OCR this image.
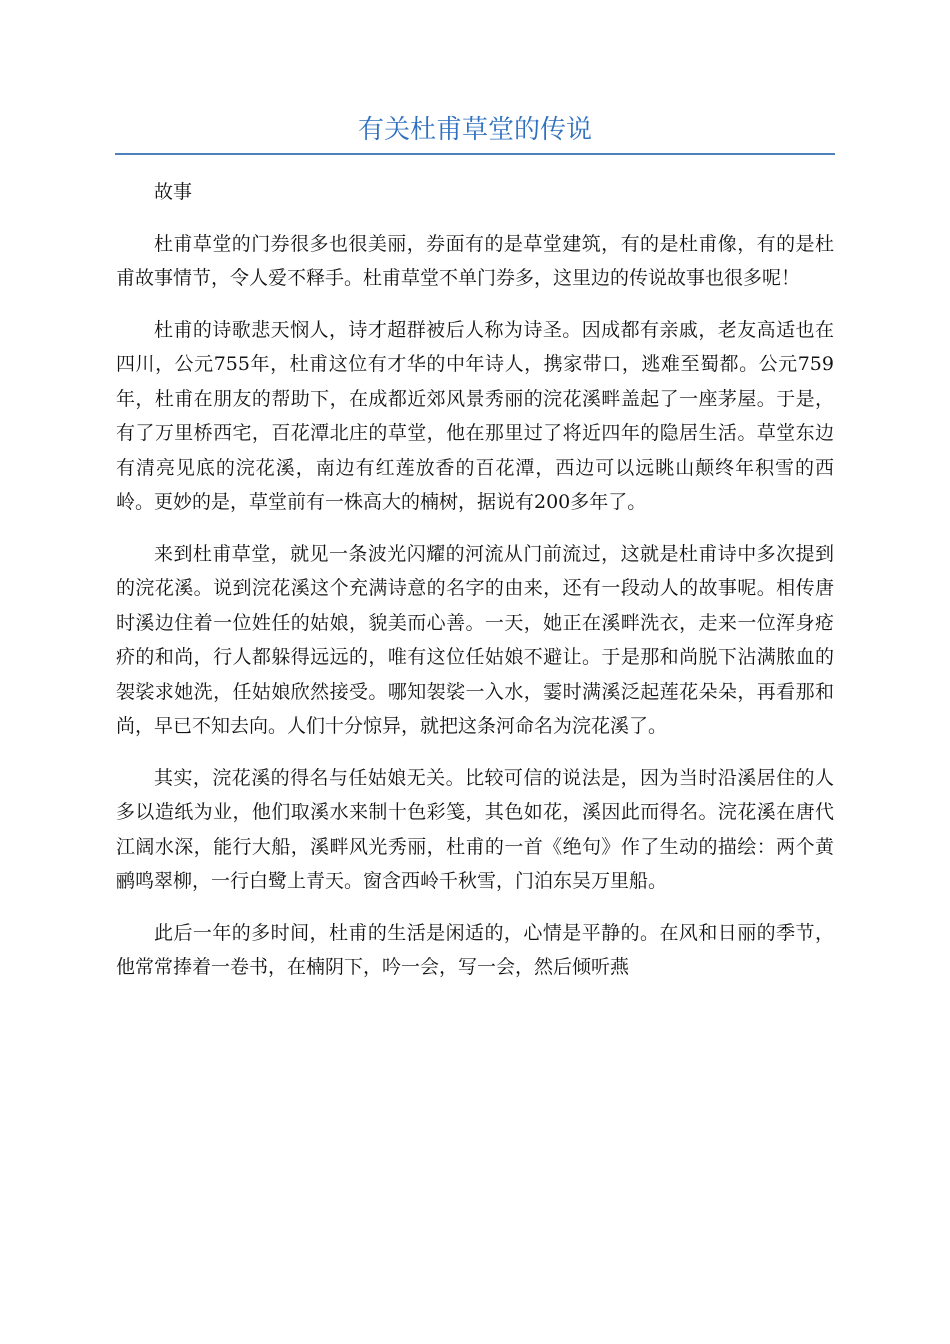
有关杜甫草堂的传说

故事

杜甫草堂的门券很多也很美丽，券面有的是草堂建筑，有的是杜甫像，有的是杜甫故事情节，令人爱不释手。杜甫草堂不单门券多，这里边的传说故事也很多呢！

杜甫的诗歌悲天悯人，诗才超群被后人称为诗圣。因成都有亲戚，老友高适也在四川，公元755年，杜甫这位有才华的中年诗人，携家带口，逃难至蜀都。公元759年，杜甫在朋友的帮助下，在成都近郊风景秀丽的浣花溪畔盖起了一座茅屋。于是，有了万里桥西宅，百花潭北庄的草堂，他在那里过了将近四年的隐居生活。草堂东边有清亮见底的浣花溪，南边有红莲放香的百花潭，西边可以远眺山颠终年积雪的西岭。更妙的是，草堂前有一株高大的楠树，据说有200多年了。

来到杜甫草堂，就见一条波光闪耀的河流从门前流过，这就是杜甫诗中多次提到的浣花溪。说到浣花溪这个充满诗意的名字的由来，还有一段动人的故事呢。相传唐时溪边住着一位姓任的姑娘，貌美而心善。一天，她正在溪畔洗衣，走来一位浑身疮疥的和尚，行人都躲得远远的，唯有这位任姑娘不避让。于是那和尚脱下沾满脓血的袈裟求她洗，任姑娘欣然接受。哪知袈裟一入水，霎时满溪泛起莲花朵朵，再看那和尚，早已不知去向。人们十分惊异，就把这条河命名为浣花溪了。

其实，浣花溪的得名与任姑娘无关。比较可信的说法是，因为当时沿溪居住的人多以造纸为业，他们取溪水来制十色彩笺，其色如花，溪因此而得名。浣花溪在唐代江阔水深，能行大船，溪畔风光秀丽，杜甫的一首《绝句》作了生动的描绘：两个黄鹂鸣翠柳，一行白鹭上青天。窗含西岭千秋雪，门泊东吴万里船。

此后一年的多时间，杜甫的生活是闲适的，心情是平静的。在风和日丽的季节，他常常捧着一卷书，在楠阴下，吟一会，写一会，然后倾听燕
